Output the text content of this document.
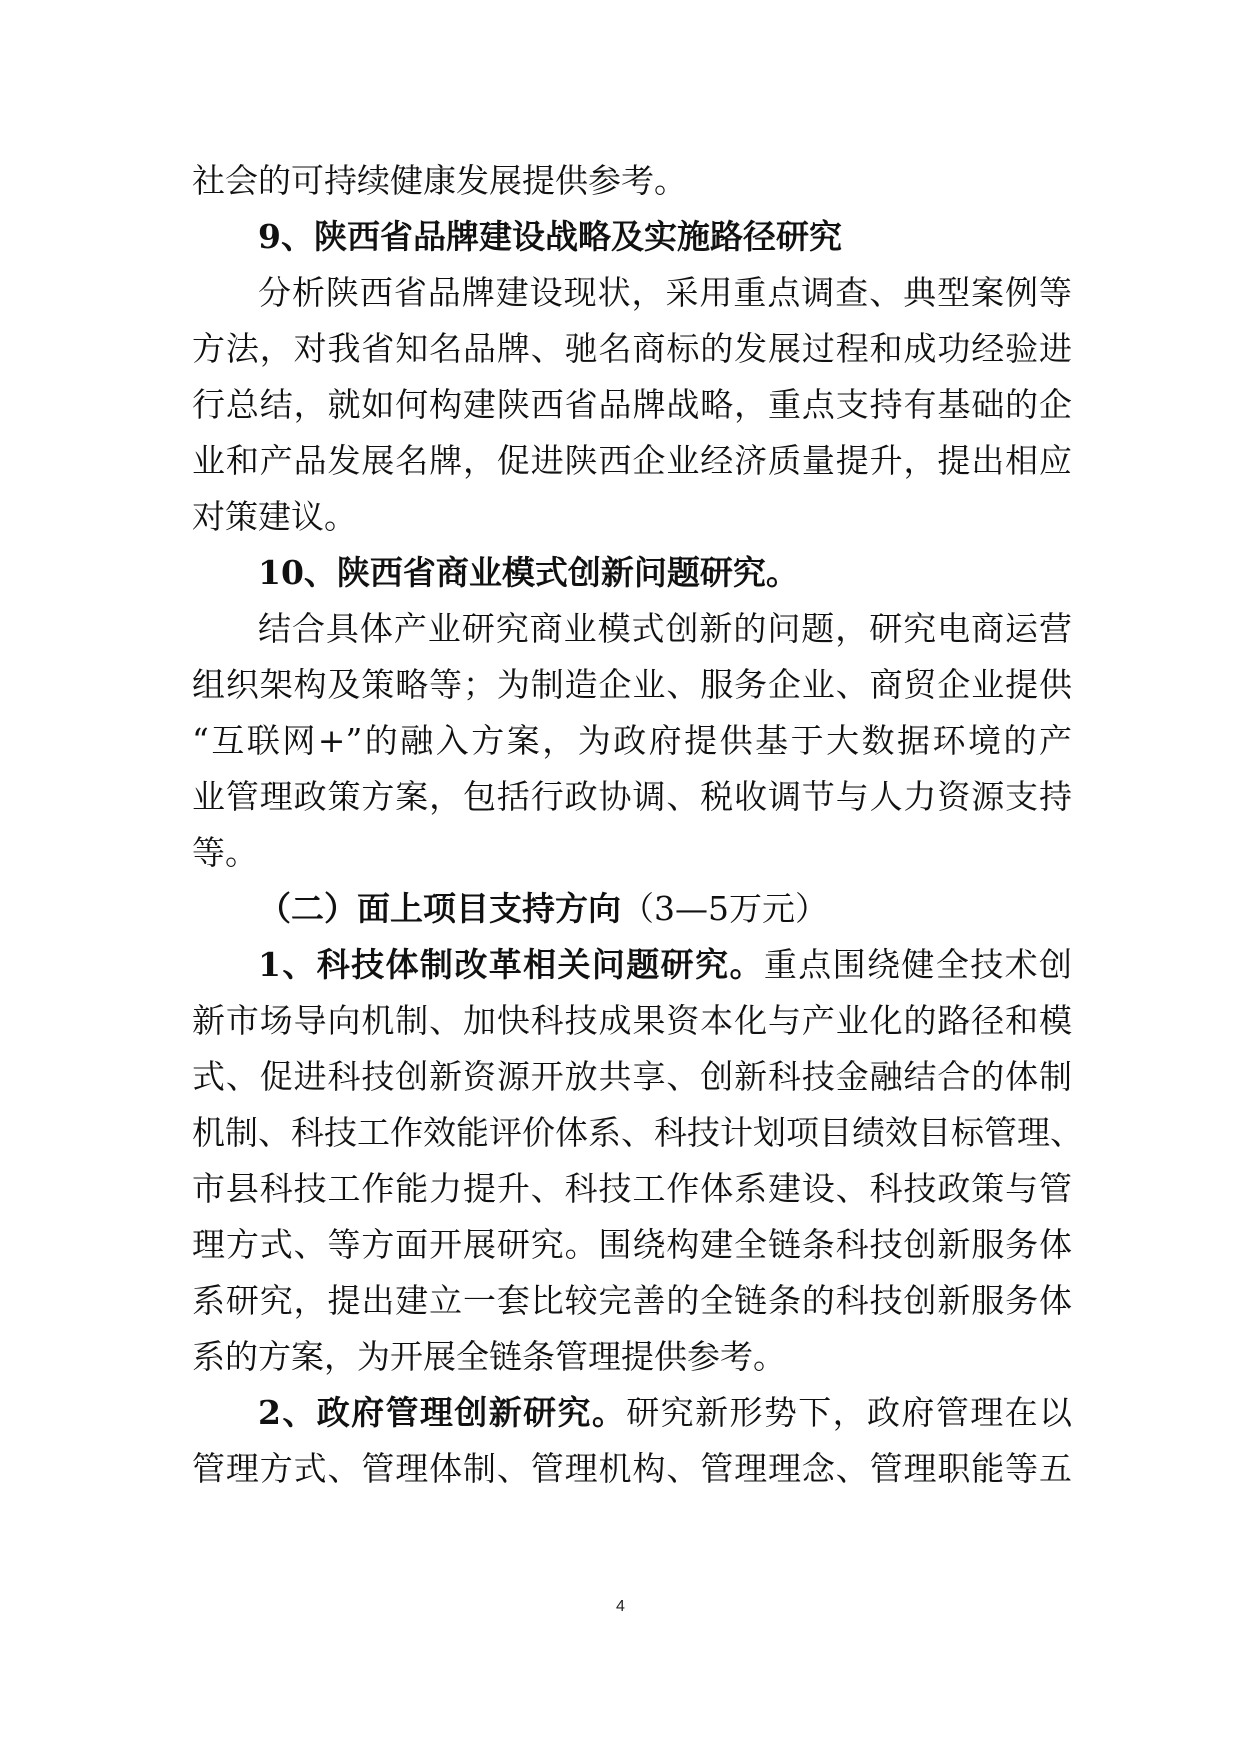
社会的可持续健康发展提供参考。
9、陕西省品牌建设战略及实施路径研究
分析陕西省品牌建设现状，采用重点调查、典型案例等
方法，对我省知名品牌、驰名商标的发展过程和成功经验进
行总结，就如何构建陕西省品牌战略，重点支持有基础的企
业和产品发展名牌，促进陕西企业经济质量提升，提出相应
对策建议。
10、陕西省商业模式创新问题研究。
结合具体产业研究商业模式创新的问题，研究电商运营
组织架构及策略等；为制造企业、服务企业、商贸企业提供
“互联网+”的融入方案，为政府提供基于大数据环境的产
业管理政策方案，包括行政协调、税收调节与人力资源支持
等。
（二）面上项目支持方向（3—5万元）
1、科技体制改革相关问题研究。重点围绕健全技术创
新市场导向机制、加快科技成果资本化与产业化的路径和模
式、促进科技创新资源开放共享、创新科技金融结合的体制
机制、科技工作效能评价体系、科技计划项目绩效目标管理、
市县科技工作能力提升、科技工作体系建设、科技政策与管
理方式、等方面开展研究。围绕构建全链条科技创新服务体
系研究，提出建立一套比较完善的全链条的科技创新服务体
系的方案，为开展全链条管理提供参考。
2、政府管理创新研究。研究新形势下，政府管理在以
管理方式、管理体制、管理机构、管理理念、管理职能等五
4
